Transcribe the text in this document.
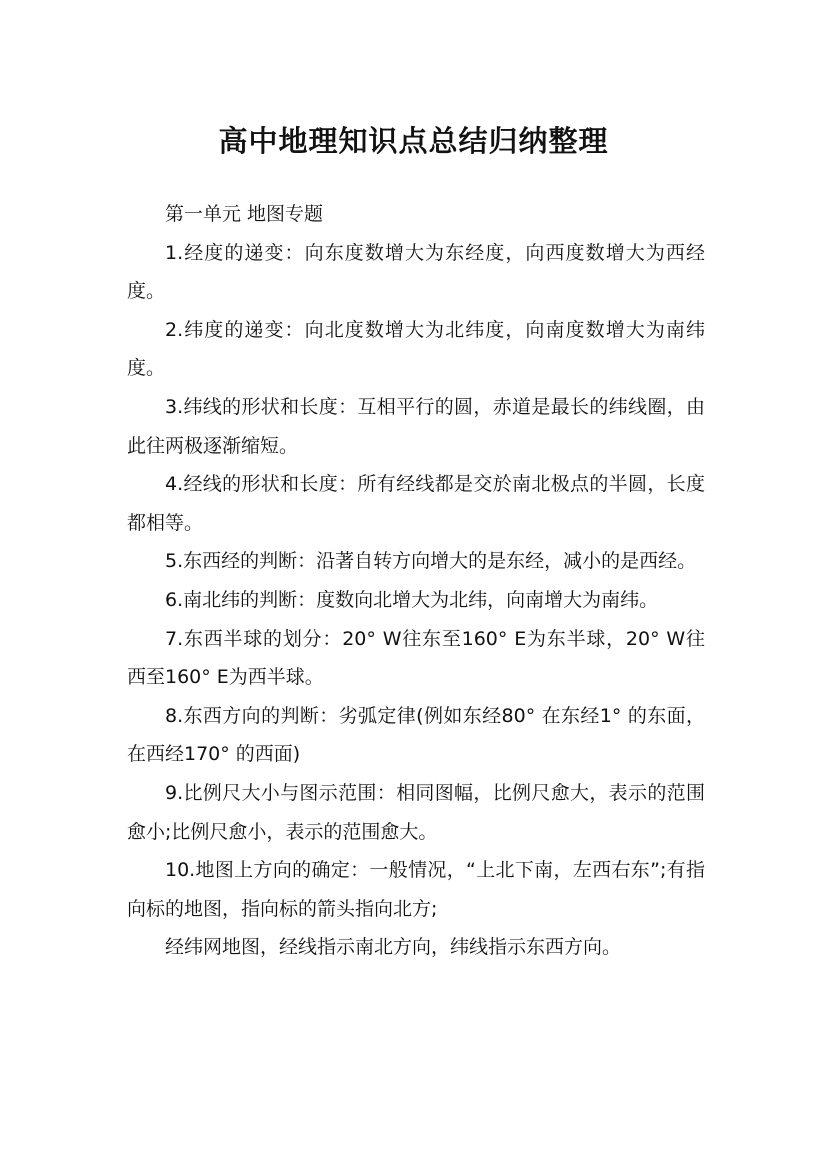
高中地理知识点总结归纳整理

第一单元 地图专题

1.经度的递变：向东度数增大为东经度，向西度数增大为西经度。

2.纬度的递变：向北度数增大为北纬度，向南度数增大为南纬度。

3.纬线的形状和长度：互相平行的圆，赤道是最长的纬线圈，由此往两极逐渐缩短。

4.经线的形状和长度：所有经线都是交於南北极点的半圆，长度都相等。

5.东西经的判断：沿著自转方向增大的是东经，减小的是西经。

6.南北纬的判断：度数向北增大为北纬，向南增大为南纬。

7.东西半球的划分：20° W往东至160° E为东半球，20° W往西至160° E为西半球。

8.东西方向的判断：劣弧定律(例如东经80° 在东经1° 的东面，在西经170° 的西面)

9.比例尺大小与图示范围：相同图幅，比例尺愈大，表示的范围愈小;比例尺愈小，表示的范围愈大。

10.地图上方向的确定：一般情况，“上北下南，左西右东”;有指向标的地图，指向标的箭头指向北方;

经纬网地图，经线指示南北方向，纬线指示东西方向。
